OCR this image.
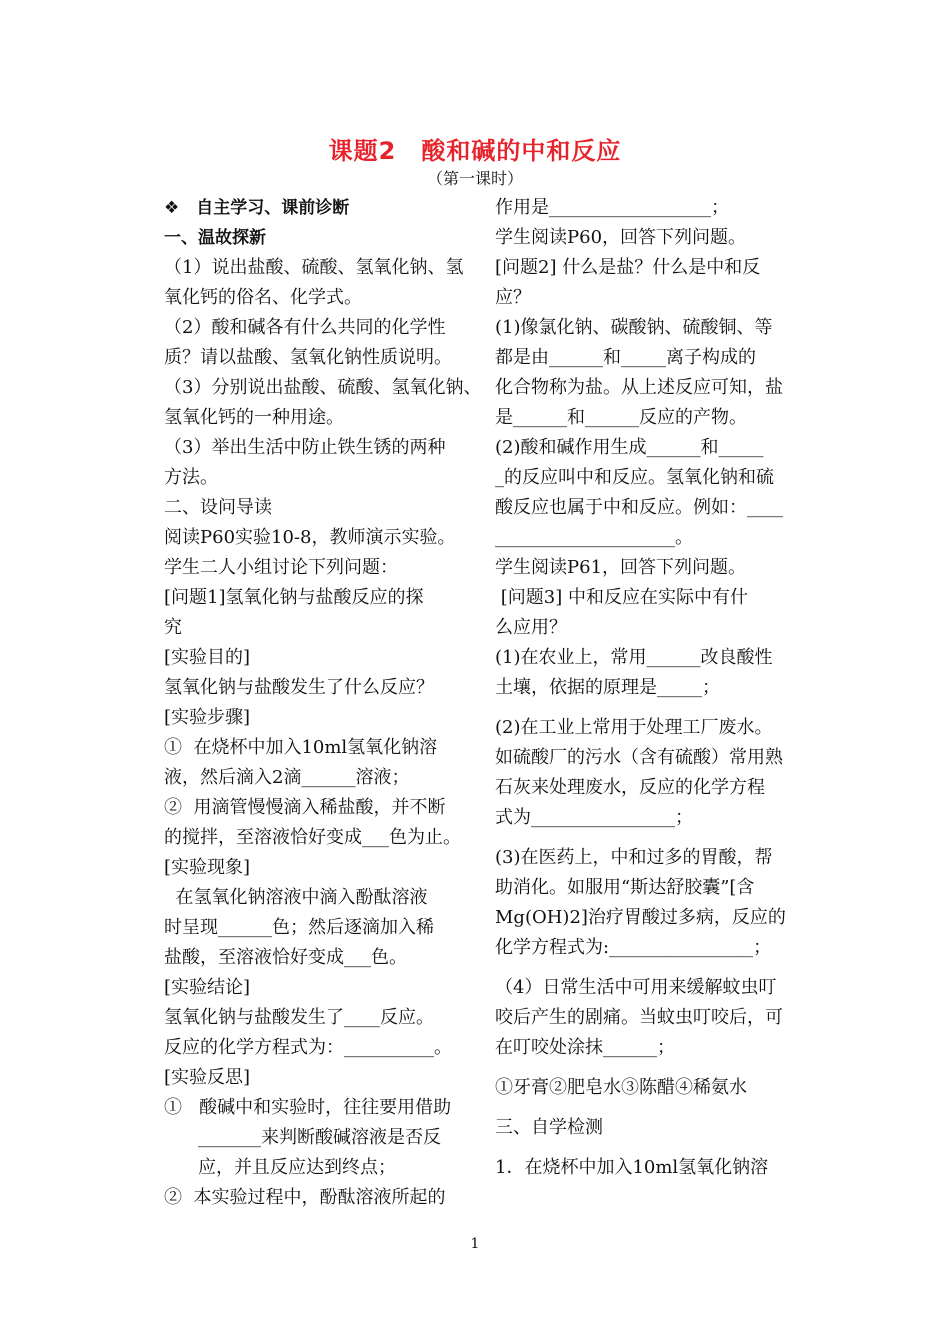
课题2　酸和碱的中和反应
（第一课时）
❖　自主学习、课前诊断
一、温故探新
（1）说出盐酸、硫酸、氢氧化钠、氢
氧化钙的俗名、化学式。
（2）酸和碱各有什么共同的化学性
质？请以盐酸、氢氧化钠性质说明。
（3）分别说出盐酸、硫酸、氢氧化钠、
氢氧化钙的一种用途。
（3）举出生活中防止铁生锈的两种
方法。
二、设问导读
阅读P60实验10-8，教师演示实验。
学生二人小组讨论下列问题：
[问题1]氢氧化钠与盐酸反应的探
究
[实验目的]
氢氧化钠与盐酸发生了什么反应？
[实验步骤]
①  在烧杯中加入10ml氢氧化钠溶
液，然后滴入2滴______溶液；
②  用滴管慢慢滴入稀盐酸，并不断
的搅拌，至溶液恰好变成___色为止。
[实验现象]
在氢氧化钠溶液中滴入酚酞溶液
时呈现______色；然后逐滴加入稀
盐酸，至溶液恰好变成___色。
[实验结论]
氢氧化钠与盐酸发生了____反应。
反应的化学方程式为：__________。
[实验反思]
①   酸碱中和实验时，往往要用借助
_______来判断酸碱溶液是否反
应，并且反应达到终点；
②  本实验过程中，酚酞溶液所起的
作用是__________________；
学生阅读P60，回答下列问题。
[问题2] 什么是盐？什么是中和反
应？
(1)像氯化钠、碳酸钠、硫酸铜、等
都是由______和_____离子构成的
化合物称为盐。从上述反应可知，盐
是______和______反应的产物。
(2)酸和碱作用生成______和_____
_的反应叫中和反应。氢氧化钠和硫
酸反应也属于中和反应。例如：____
____________________。
学生阅读P61，回答下列问题。
[问题3] 中和反应在实际中有什
么应用？
(1)在农业上，常用______改良酸性
土壤，依据的原理是_____；
(2)在工业上常用于处理工厂废水。
如硫酸厂的污水（含有硫酸）常用熟
石灰来处理废水，反应的化学方程
式为________________；
(3)在医药上，中和过多的胃酸，帮
助消化。如服用“斯达舒胶囊”[含
Mg(OH)2]治疗胃酸过多病，反应的
化学方程式为:________________；
（4）日常生活中可用来缓解蚊虫叮
咬后产生的剧痛。当蚊虫叮咬后，可
在叮咬处涂抹______；
①牙膏②肥皂水③陈醋④稀氨水
三、自学检测
1．在烧杯中加入10ml氢氧化钠溶
1
